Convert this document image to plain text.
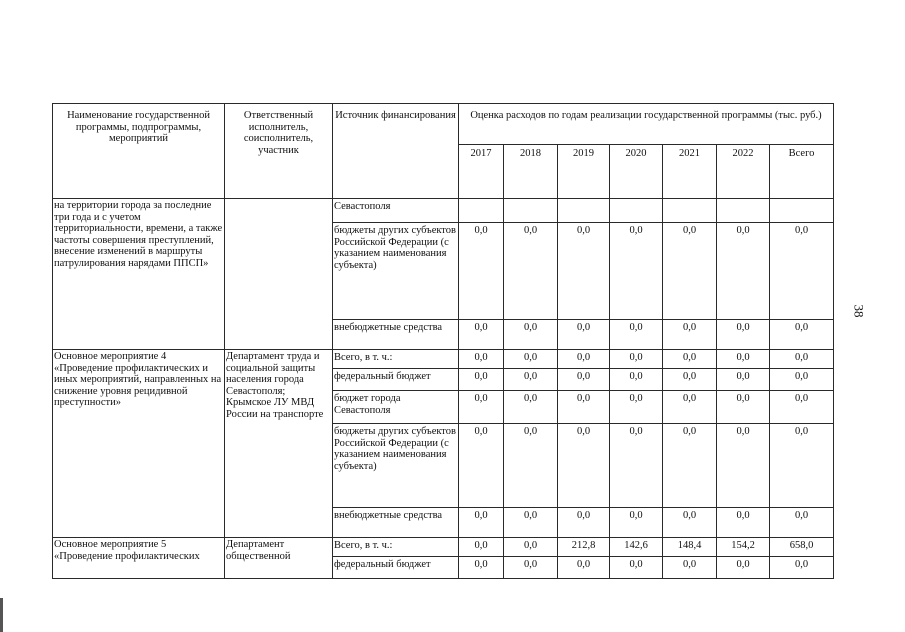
Наименование государственной программы, подпрограммы, мероприятий	Ответственный исполнитель, соисполнитель, участник	Источник финансирования	Оценка расходов по годам реализации государственной программы (тыс. руб.)						
			2017	2018	2019	2020	2021	2022	Всего
на территории города за последние три года и с учетом территориальности, времени, а также частоты совершения преступлений, внесение изменений в маршруты патрулирования нарядами ППСП»		Севастополя							
		бюджеты других субъектов Российской Федерации (с указанием наименования субъекта)	0,0	0,0	0,0	0,0	0,0	0,0	0,0
		внебюджетные средства	0,0	0,0	0,0	0,0	0,0	0,0	0,0
Основное мероприятие 4 «Проведение профилактических и иных мероприятий, направленных на снижение уровня рецидивной преступности»	Департамент труда и социальной защиты населения города Севастополя; Крымское ЛУ МВД России на транспорте	Всего, в т. ч.:	0,0	0,0	0,0	0,0	0,0	0,0	0,0
		федеральный бюджет	0,0	0,0	0,0	0,0	0,0	0,0	0,0
		бюджет города Севастополя	0,0	0,0	0,0	0,0	0,0	0,0	0,0
		бюджеты других субъектов Российской Федерации (с указанием наименования субъекта)	0,0	0,0	0,0	0,0	0,0	0,0	0,0
		внебюджетные средства	0,0	0,0	0,0	0,0	0,0	0,0	0,0
Основное мероприятие 5 «Проведение профилактических	Департамент общественной	Всего, в т. ч.:	0,0	0,0	212,8	142,6	148,4	154,2	658,0
		федеральный бюджет	0,0	0,0	0,0	0,0	0,0	0,0	0,0
38
